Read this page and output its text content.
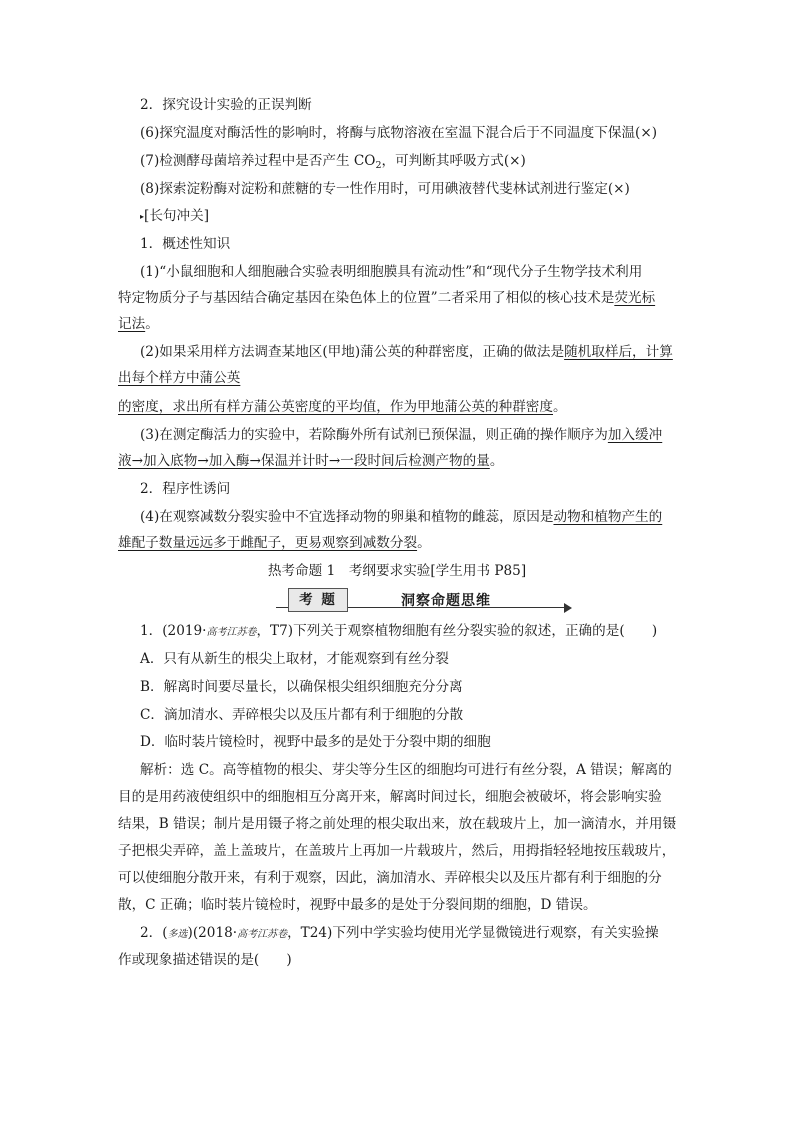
2．探究设计实验的正误判断
(6)探究温度对酶活性的影响时，将酶与底物溶液在室温下混合后于不同温度下保温(×)
(7)检测酵母菌培养过程中是否产生 $CO_2$，可判断其呼吸方式(×)
(8)探索淀粉酶对淀粉和蔗糖的专一性作用时，可用碘液替代斐林试剂进行鉴定(×)
▸[长句冲关]
1．概述性知识
(1)“小鼠细胞和人细胞融合实验表明细胞膜具有流动性”和“现代分子生物学技术利用
特定物质分子与基因结合确定基因在染色体上的位置”二者采用了相似的核心技术是荧光标
记法。
(2)如果采用样方法调查某地区(甲地)蒲公英的种群密度，正确的做法是随机取样后，计算
出每个样方中蒲公英
的密度，求出所有样方蒲公英密度的平均值，作为甲地蒲公英的种群密度。
(3)在测定酶活力的实验中，若除酶外所有试剂已预保温，则正确的操作顺序为加入缓冲
液→加入底物→加入酶→保温并计时→一段时间后检测产物的量。
2．程序性诱问
(4)在观察减数分裂实验中不宜选择动物的卵巢和植物的雌蕊，原因是动物和植物产生的
雄配子数量远远多于雌配子，更易观察到减数分裂。
热考命题 1　考纲要求实验[学生用书 P85]
考 题	洞察命题思维
1．(2019·高考江苏卷，T7)下列关于观察植物细胞有丝分裂实验的叙述，正确的是(　　)
A．只有从新生的根尖上取材，才能观察到有丝分裂
B．解离时间要尽量长，以确保根尖组织细胞充分分离
C．滴加清水、弄碎根尖以及压片都有利于细胞的分散
D．临时装片镜检时，视野中最多的是处于分裂中期的细胞
解析：选 C。高等植物的根尖、芽尖等分生区的细胞均可进行有丝分裂，A 错误；解离的
目的是用药液使组织中的细胞相互分离开来，解离时间过长，细胞会被破坏，将会影响实验
结果，B 错误；制片是用镊子将之前处理的根尖取出来，放在载玻片上，加一滴清水，并用镊
子把根尖弄碎，盖上盖玻片，在盖玻片上再加一片载玻片，然后，用拇指轻轻地按压载玻片，
可以使细胞分散开来，有利于观察，因此，滴加清水、弄碎根尖以及压片都有利于细胞的分
散，C 正确；临时装片镜检时，视野中最多的是处于分裂间期的细胞，D 错误。
2．(多选)(2018·高考江苏卷，T24)下列中学实验均使用光学显微镜进行观察，有关实验操
作或现象描述错误的是(　　)
